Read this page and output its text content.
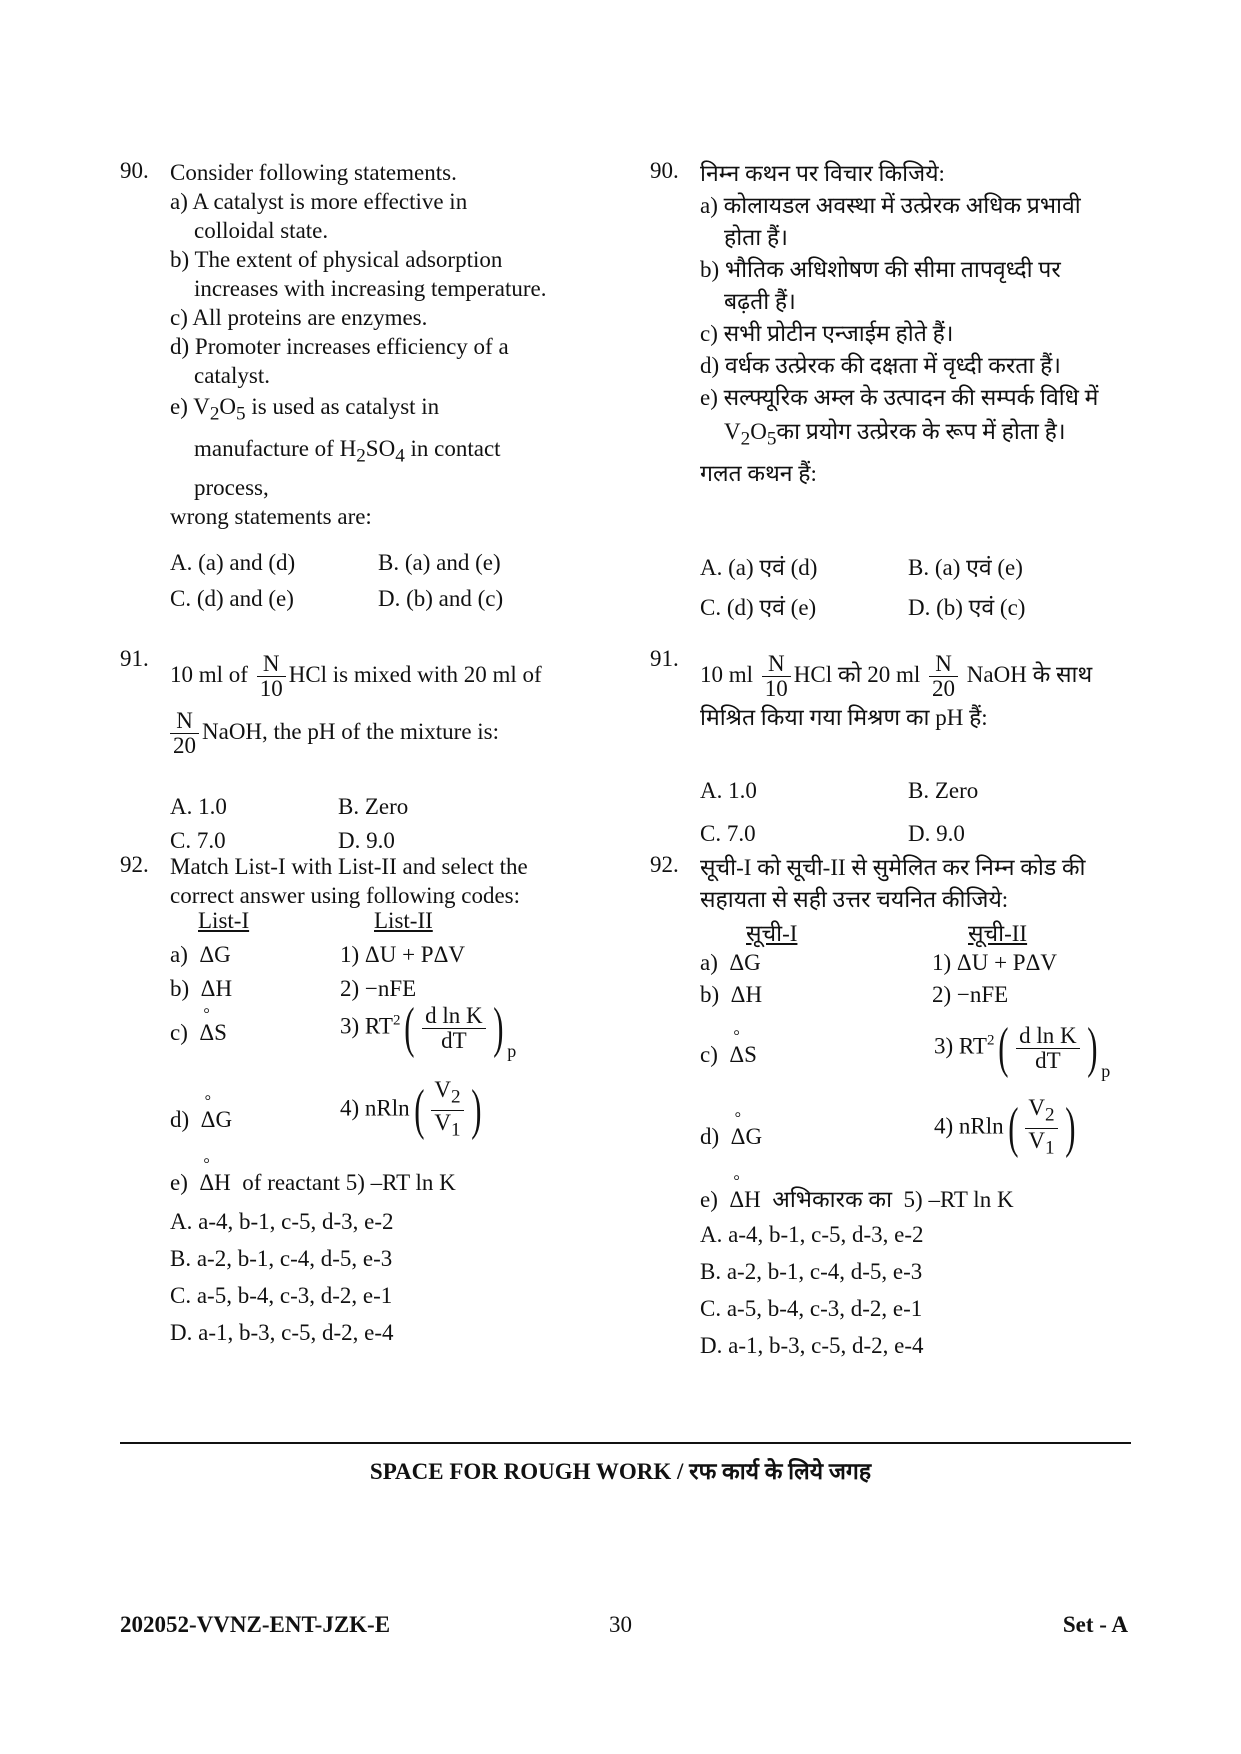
90. Consider following statements.
a) A catalyst is more effective in
colloidal state.
b) The extent of physical adsorption
increases with increasing temperature.
c) All proteins are enzymes.
d) Promoter increases efficiency of a
catalyst.
e) $V_2O_5$ is used as catalyst in
manufacture of $H_2SO_4$ in contact
process,
wrong statements are:
A. (a) and (d)	B. (a) and (e)
C. (d) and (e)	D. (b) and (c)
91.
10 ml of $\frac{N}{10}$ HCl is mixed with 20 ml of
$\frac{N}{20}$ NaOH, the pH of the mixture is:
A. 1.0	B. Zero
C. 7.0	D. 9.0
92. Match List-I with List-II and select the
correct answer using following codes:
List-I	List-II
a) ΔG	1) ΔU + PΔV
b) ΔH	2) −nFE
c) ° ΔS	3) $RT^2( \frac{\text{d ln K}}{dT}$ ) $_p$
d) ° ΔG	4) $nRln( \frac{V_2}{V_1}$ )
e) ° ΔH of reactant 5) –RT ln K
A. a-4, b-1, c-5, d-3, e-2
B. a-2, b-1, c-4, d-5, e-3
C. a-5, b-4, c-3, d-2, e-1
D. a-1, b-3, c-5, d-2, e-4
90. निम्न कथन पर विचार किजिये:
a) कोलायडल अवस्था में उत्प्रेरक अधिक प्रभावी
होता हैं।
b) भौतिक अधिशोषण की सीमा तापवृध्दी पर
बढ़ती हैं।
c) सभी प्रोटीन एन्जाईम होते हैं।
d) वर्धक उत्प्रेरक की दक्षता में वृध्दी करता हैं।
e) सल्फ्यूरिक अम्ल के उत्पादन की सम्पर्क विधि में
$V_2O_5का$ प्रयोग उत्प्रेरक के रूप में होता है।
गलत कथन हैं:
A. (a) एवं (d)	B. (a) एवं (e)
C. (d) एवं (e)	D. (b) एवं (c)
91.
10 ml $\frac{N}{10}$ HCl को 20 ml $\frac{N}{20}$ NaOH के साथ
मिश्रित किया गया मिश्रण का pH हैं:
A. 1.0	B. Zero
C. 7.0	D. 9.0
92. सूची-I को सूची-II से सुमेलित कर निम्न कोड की
सहायता से सही उत्तर चयनित कीजिये:
सूची-I	सूची-II
a) ΔG	1) ΔU + PΔV
b) ΔH	2) −nFE
c) ° ΔS	3) $RT^2( \frac{\text{d ln K}}{dT}$ ) $_p$
d) ° ΔG	4) $nRln( \frac{V_2}{V_1}$ )
e) ° ΔH अभिकारक का 5) –RT ln K
A. a-4, b-1, c-5, d-3, e-2
B. a-2, b-1, c-4, d-5, e-3
C. a-5, b-4, c-3, d-2, e-1
D. a-1, b-3, c-5, d-2, e-4
SPACE FOR ROUGH WORK / रफ कार्य के लिये जगह
202052-VVNZ-ENT-JZK-E	30	Set - A
